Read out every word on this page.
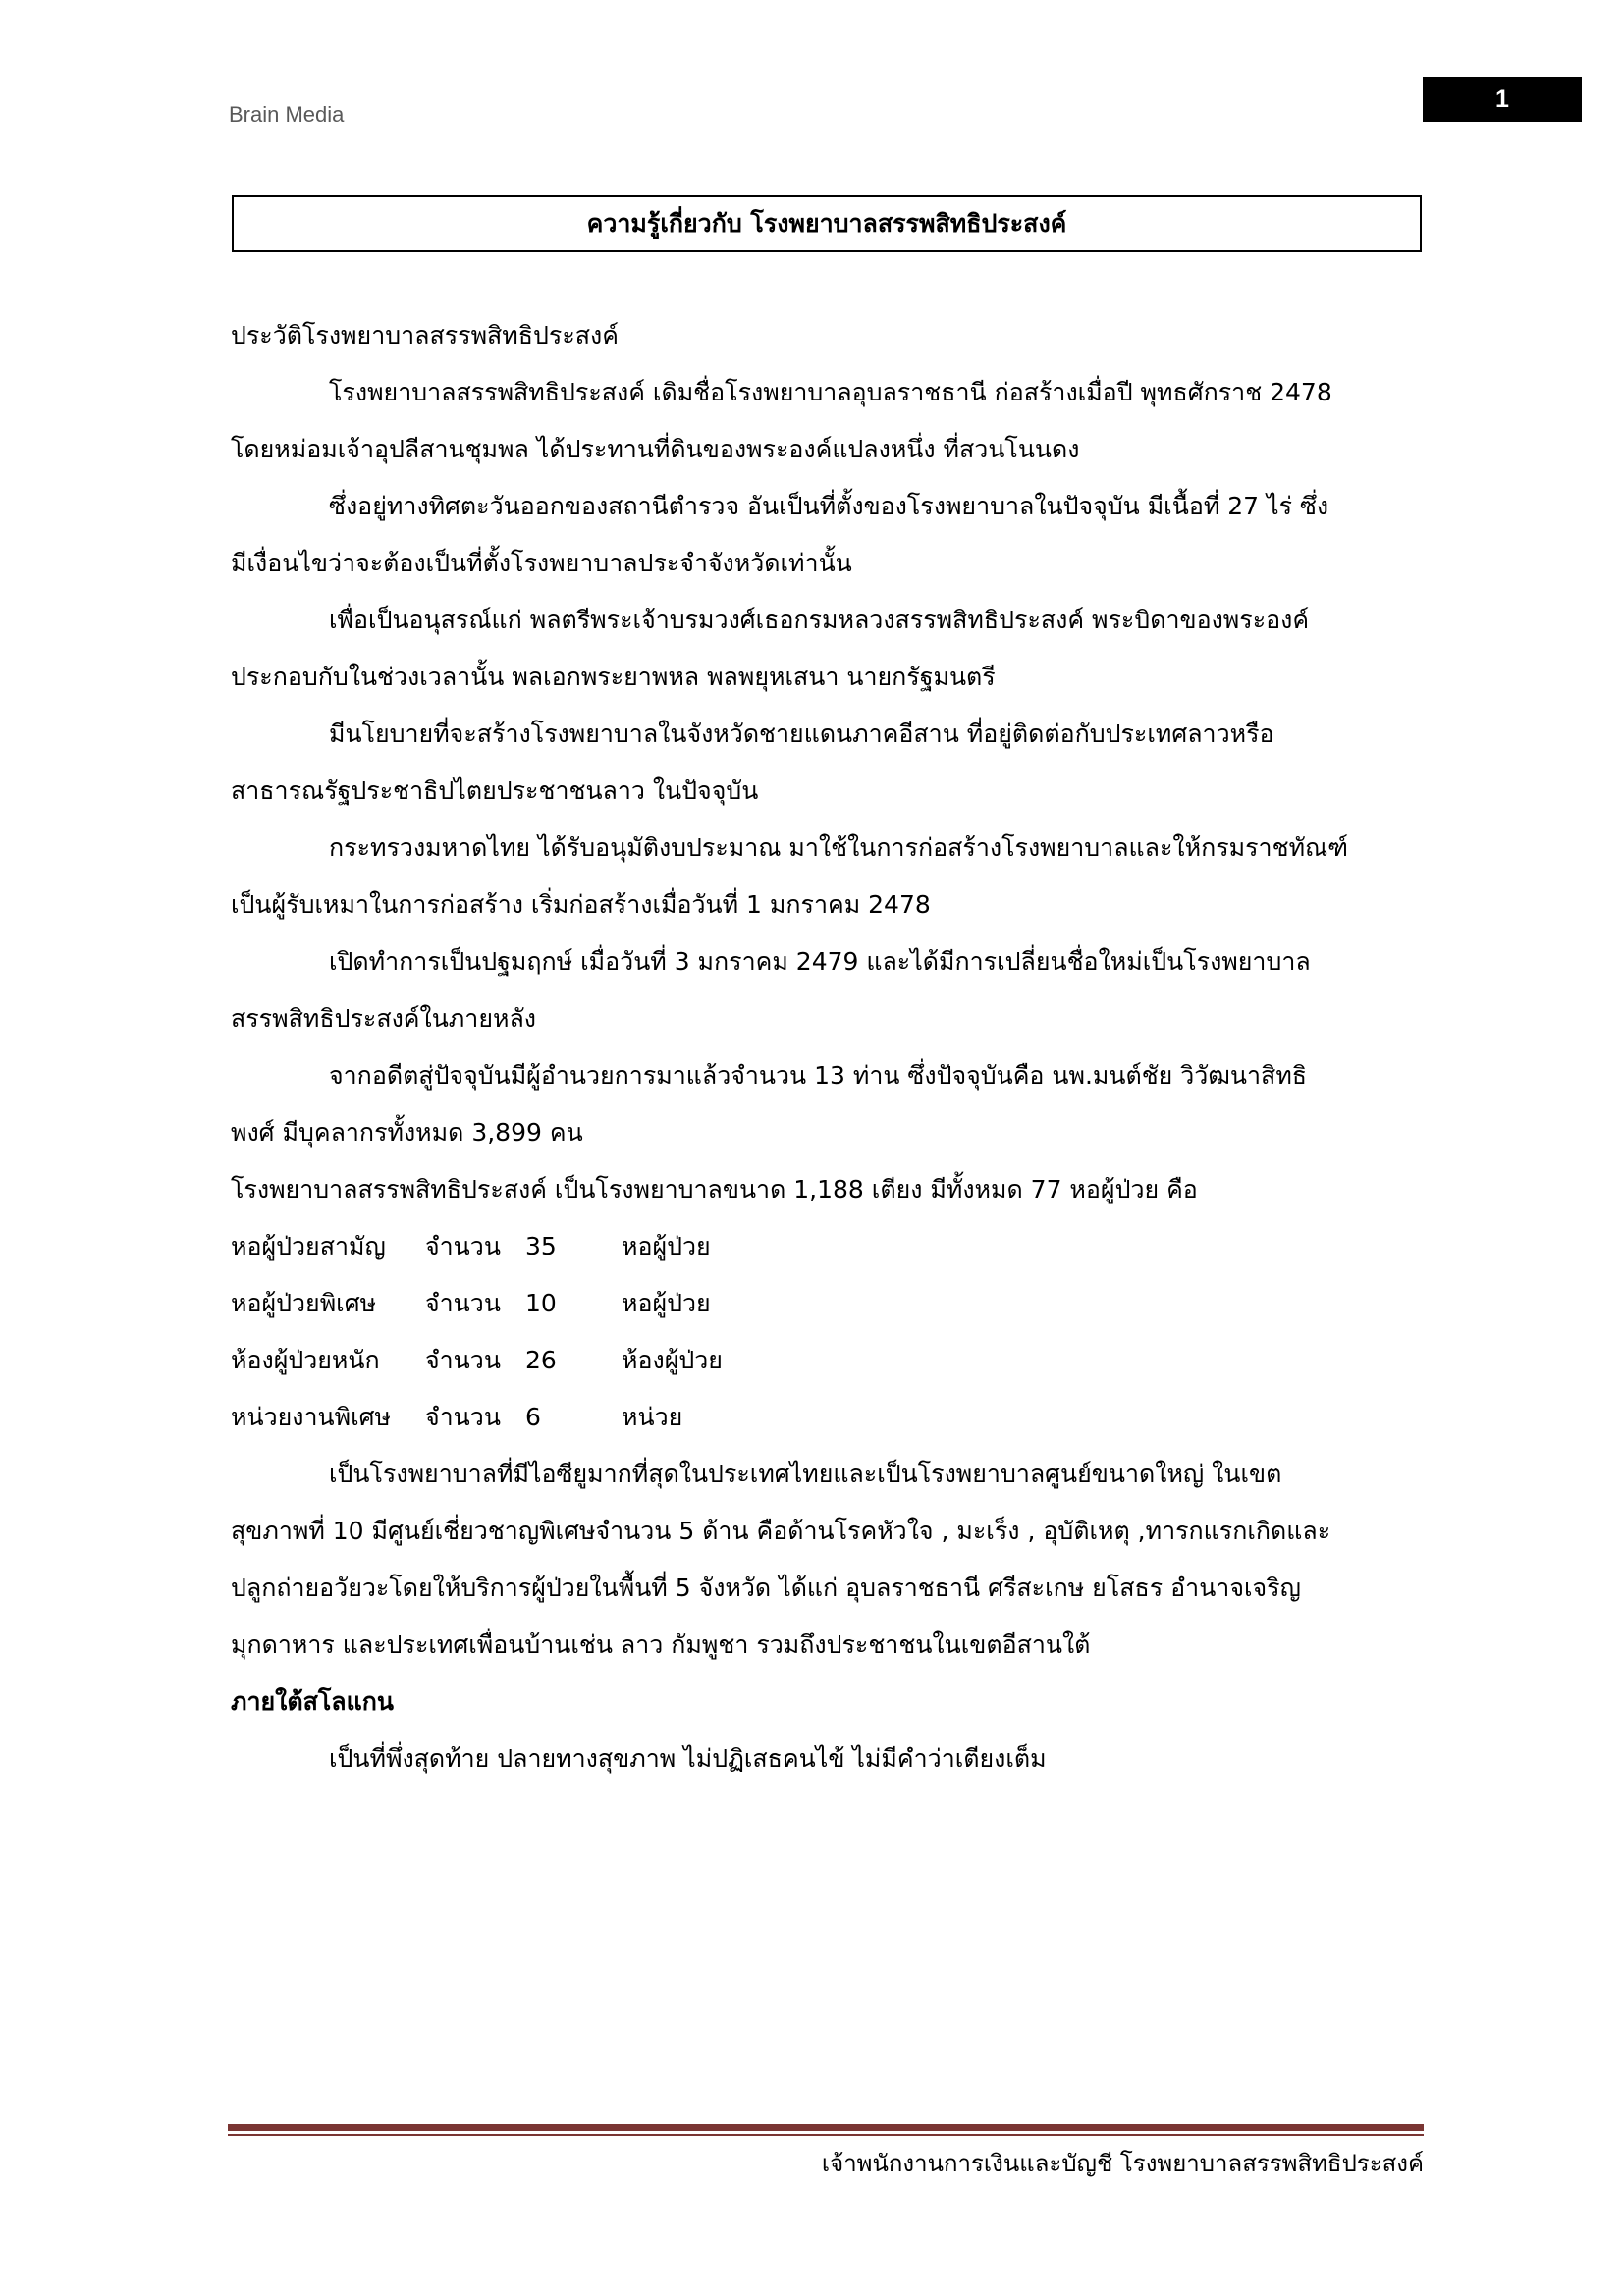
Brain Media
1
ความรู้เกี่ยวกับ โรงพยาบาลสรรพสิทธิประสงค์
ประวัติโรงพยาบาลสรรพสิทธิประสงค์
โรงพยาบาลสรรพสิทธิประสงค์ เดิมชื่อโรงพยาบาลอุบลราชธานี ก่อสร้างเมื่อปี พุทธศักราช 2478
โดยหม่อมเจ้าอุปลีสานชุมพล ได้ประทานที่ดินของพระองค์แปลงหนึ่ง ที่สวนโนนดง
ซึ่งอยู่ทางทิศตะวันออกของสถานีตำรวจ อันเป็นที่ตั้งของโรงพยาบาลในปัจจุบัน มีเนื้อที่ 27 ไร่ ซึ่ง
มีเงื่อนไขว่าจะต้องเป็นที่ตั้งโรงพยาบาลประจำจังหวัดเท่านั้น
เพื่อเป็นอนุสรณ์แก่ พลตรีพระเจ้าบรมวงศ์เธอกรมหลวงสรรพสิทธิประสงค์ พระบิดาของพระองค์
ประกอบกับในช่วงเวลานั้น พลเอกพระยาพหล พลพยุหเสนา นายกรัฐมนตรี
มีนโยบายที่จะสร้างโรงพยาบาลในจังหวัดชายแดนภาคอีสาน ที่อยู่ติดต่อกับประเทศลาวหรือ
สาธารณรัฐประชาธิปไตยประชาชนลาว ในปัจจุบัน
กระทรวงมหาดไทย ได้รับอนุมัติงบประมาณ มาใช้ในการก่อสร้างโรงพยาบาลและให้กรมราชทัณฑ์
เป็นผู้รับเหมาในการก่อสร้าง เริ่มก่อสร้างเมื่อวันที่ 1 มกราคม 2478
เปิดทำการเป็นปฐมฤกษ์ เมื่อวันที่ 3 มกราคม 2479 และได้มีการเปลี่ยนชื่อใหม่เป็นโรงพยาบาล
สรรพสิทธิประสงค์ในภายหลัง
จากอดีตสู่ปัจจุบันมีผู้อำนวยการมาแล้วจำนวน 13 ท่าน ซึ่งปัจจุบันคือ นพ.มนต์ชัย วิวัฒนาสิทธิ
พงศ์ มีบุคลากรทั้งหมด 3,899 คน
โรงพยาบาลสรรพสิทธิประสงค์ เป็นโรงพยาบาลขนาด 1,188 เตียง มีทั้งหมด 77 หอผู้ป่วย คือ
หอผู้ป่วยสามัญ จำนวน 35	หอผู้ป่วย
หอผู้ป่วยพิเศษ จำนวน 10	หอผู้ป่วย
ห้องผู้ป่วยหนัก จำนวน 26	ห้องผู้ป่วย
หน่วยงานพิเศษ จำนวน 6	หน่วย
เป็นโรงพยาบาลที่มีไอซียูมากที่สุดในประเทศไทยและเป็นโรงพยาบาลศูนย์ขนาดใหญ่ ในเขต
สุขภาพที่ 10 มีศูนย์เชี่ยวชาญพิเศษจำนวน 5 ด้าน คือด้านโรคหัวใจ , มะเร็ง , อุบัติเหตุ ,ทารกแรกเกิดและ
ปลูกถ่ายอวัยวะโดยให้บริการผู้ป่วยในพื้นที่ 5 จังหวัด ได้แก่ อุบลราชธานี ศรีสะเกษ ยโสธร อำนาจเจริญ
มุกดาหาร และประเทศเพื่อนบ้านเช่น ลาว กัมพูชา รวมถึงประชาชนในเขตอีสานใต้
ภายใต้สโลแกน
เป็นที่พึ่งสุดท้าย ปลายทางสุขภาพ ไม่ปฏิเสธคนไข้ ไม่มีคำว่าเตียงเต็ม
เจ้าพนักงานการเงินและบัญชี โรงพยาบาลสรรพสิทธิประสงค์
